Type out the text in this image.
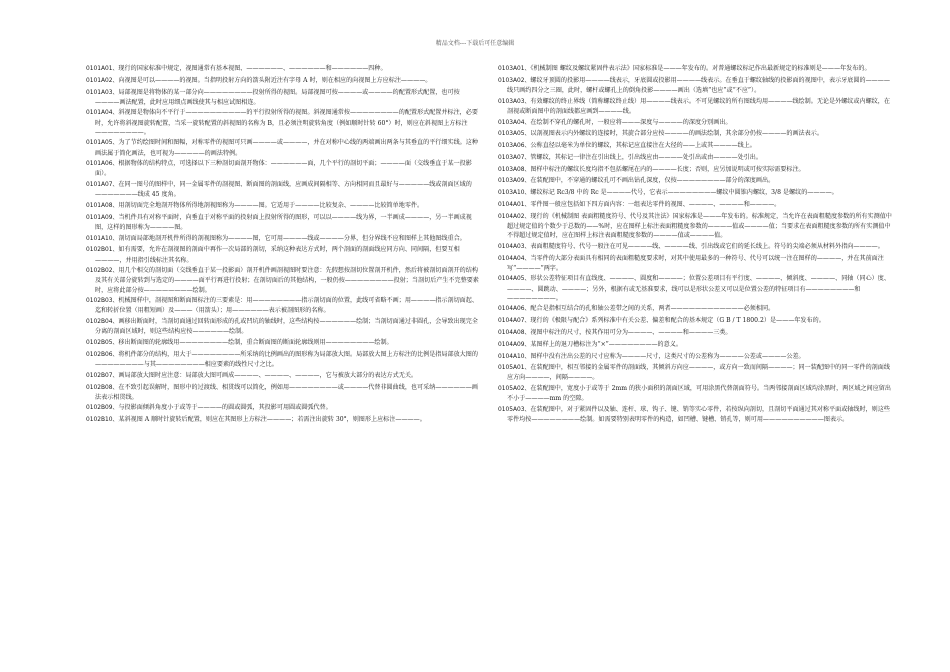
精品文档---下载后可任意编辑

0101A01、现行的国家标准中规定，视图通常有基本视图、——————、——————和——————四种。

0101A02、向视图是可以————的视图。当指明投射方向的箭头附近注有字母 A 时，则在相应的向视图上方应标注————。

0101A03、局部视图是将物体的某一部分向————————投射所得的视图。局部视图可按————或————的配置形式配置，也可按————画法配置，此时应用细点画线使其与相应试图相连。

0101A04、斜视图是物体向不平行于——————————的平行投射所得的视图。斜视图通常按————————的配置形式配置并标注，必要时，允许将斜视图旋转配置，当采一旋转配置的斜视图的名称为 B，且必须注明旋转角度（例如顺时针转 60°）时，则应在斜视图上方标注————————。

0101A05、为了节约绘图时间和图幅，对称零件的视图可只画————或————，并在对称中心线的两端画出两条与其垂直的平行细实线。这种画法属于简化画法，也可视为—————的画法特例。

0101A06、根据物体的结构特点，可选择以下三种剖切面剖开物体：——————面，几个平行的剖切平面；————面（交线垂直于某一投影面）。

0101A07、在同一图号的图样中，同一金属零件的剖视图、断面图的剖面线，应画成间隔相等、方向相同而且最好与—————线或剖面区域的———————线成 45 度角。

0101A08、用剖切面完全地剖开物体所得地剖视图称为————图。它适用于————比较复杂、————比较简单地零件。

0101A09、当机件具有对称平面时，向垂直于对称平面的投射面上投射所得的图形，可以以————线为界，一半画成————，另一半画成视图，这样的图形称为————图。

0101A10、剖切面局部地剖开机件所得的剖视图称为————图，它可用————线或————分界，但分界线不应和图样上其他图线重合。

0102B01、如有需要，允许在剖视图的剖面中再作一次局部的剖切，采纳这种表达方式时，两个剖面的剖面线应同方向、同间隔，但要互相————，并用指引线标注其名称。

0102B02、用几个相交的剖切面（交线垂直于某一投影面）剖开机件画剖视图时要注意：先假想按剖切位置剖开机件，然后将被剖切面剖开的结构及其有关部分旋转到与选定的————面平行再进行投射；在剖切面后的其他结构，一般仍按————————投射；当剖切后产生不完整要素时，应将此部分按————————绘制。

0102B03、机械图样中，剖视图和断面图标注的三要素是：用————————指示剖切面的位置，此线可省略不画；用————指示剖切面起、迄和转折位置（用粗短画）及———（用箭头）；用——————表示被剖图形的名称。

0102B04、画移出断面时，当剖切面通过回转面形成的孔或凹坑的轴线时，这些结构按——————绘制；当剖切面通过非圆孔，会导致出现完全分离的剖面区域时，则这些结构应按——————绘制。

0102B05、移出断面图的轮廓线用————————绘制，重合断面图的断面轮廓线则用————————绘制。

0102B06、将机件部分的结构，用大于————————所采纳的比例画出的图形称为局部放大图。局部放大图上方标注的比例是指局部放大图的————————与其————————相应要素的线性尺寸之比。

0102B07、画局部放大图时应注意：局部放大图可画成————、————、————，它与被放大部分的表达方式无关。

0102B08、在不致引起误解时，图形中的过渡线、相贯线可以简化，例如用————————或————代替非圆曲线，也可采纳——————画法表示相贯线。

0102B09、与投影面倾斜角度小于或等于————的圆或圆弧，其投影可用圆或圆弧代替。

0102B10、某斜视图 A 顺时针旋转后配置，则应在其图形上方标注————；若需注出旋转 30°，则图形上应标注————。

0103A01、《机械制图 螺纹及螺纹紧固件表示法》国家标准是———年发布的。对普通螺纹标记作出最新规定的标准则是———年发布的。

0103A02、螺纹牙顶圆的投影用————线表示，牙底圆或投影用————线表示。在垂直于螺纹轴线的投影面的视图中，表示牙底圆的————线只画约四分之三圈，此时，螺杆或螺孔上的倒角投影————画出（选填“也应”或“不应”）。

0103A03、有效螺纹的终止界线（简称螺纹终止线）用————线表示。不可见螺纹的所有图线均用————线绘制。无论是外螺纹或内螺纹，在剖视或断面图中的剖面线都应画到————线。

0103A04、在绘制不穿孔的螺孔时，一般应将———深度与————的深度分别画出。

0103A05、以剖视图表示内外螺纹的连接时，其旋合部分应按————的画法绘制，其余部分仍按————的画法表示。

0103A06、公称直径以毫米为单位的螺纹，其标记应直接注在大径的——上或其————线上。

0103A07、管螺纹，其标记一律注在引出线上，引出线应由————处引出或由————处引出。

0103A08、图样中标注的螺纹长度均指不包括螺尾在内的————长度；否则，应另加说明或可按实际需要标注。

0103A09、在装配图中，不穿通的螺纹孔可不画出钻孔深度，仅按————————部分的深度画出。

0103A10、螺纹标记 Rc3/8 中的 Rc 是————代号，它表示————————螺纹中圆锥内螺纹，3/8 是螺纹的————。

0104A01、零件图一般应包括如下四方面内容：一组表达零件的视图、————、————和————。

0104A02、现行的《机械制图 表面粗糙度符号、代号及其注法》国家标准是———年发布的。标准规定，当允许在表面粗糙度参数的所有实测值中超过规定值的个数少于总数的——%时，应在图样上标注表面粗糙度参数的————值或————值；当要求在表面粗糙度参数的所有实测值中不得超过规定值时，应在图样上标注表面粗糙度参数的————值或————值。

0104A03、表面粗糙度符号、代号一般注在可见————线、————线、引出线或它们的延长线上。符号的尖端必须从材料外指向————。

0104A04、当零件的大部分表面具有相同的表面粗糙度要求时，对其中使用最多的一种符号、代号可以统一注在图样的————，并在其前面注写“————”两字。

0104A05、形状公差特征项目有直线度、————、圆度和————；位置公差项目有平行度、————、倾斜度、————、同轴（同心）度、————、圆跳动、————；另外，根据有或无基准要求，线可以是形状公差又可以是位置公差的特征项目有————————和————————。

0104A06、配合是指相互结合的孔和轴公差带之间的关系，两者————————————必须相同。

0104A07、现行的《极限与配合》系列标准中有关公差、偏差和配合的基本规定（G B / T 1800.2）是———年发布的。

0104A08、视图中标注的尺寸，按其作用可分为————、————和————三类。

0104A09、某图样上的退刀槽标注为“×”————————的意义。

0104A10、图样中没有注出公差的尺寸应称为————尺寸，这类尺寸的公差称为————公差或————公差。

0105A01、在装配图中，相互邻接的金属零件的剖面线，其倾斜方向应————，或方向一致而间隔————；同一装配图中的同一零件的剖面线应方向————，间隔————。

0105A02、在装配图中，宽度小于或等于 2mm 的狭小面积的剖面区域，可用涂黑代替剖面符号。当两邻接剖面区域均涂黑时，两区域之间应留出不小于————mm 的空隙。

0105A03、在装配图中，对于紧固件以及轴、连杆、球、钩子、键、销等实心零件，若按纵向剖切，且剖切平面通过其对称平面或轴线时，则这些零件均按————————绘制。如需要特别表明零件的构造，如凹槽、键槽、销孔等，则可用——————————图表示。
